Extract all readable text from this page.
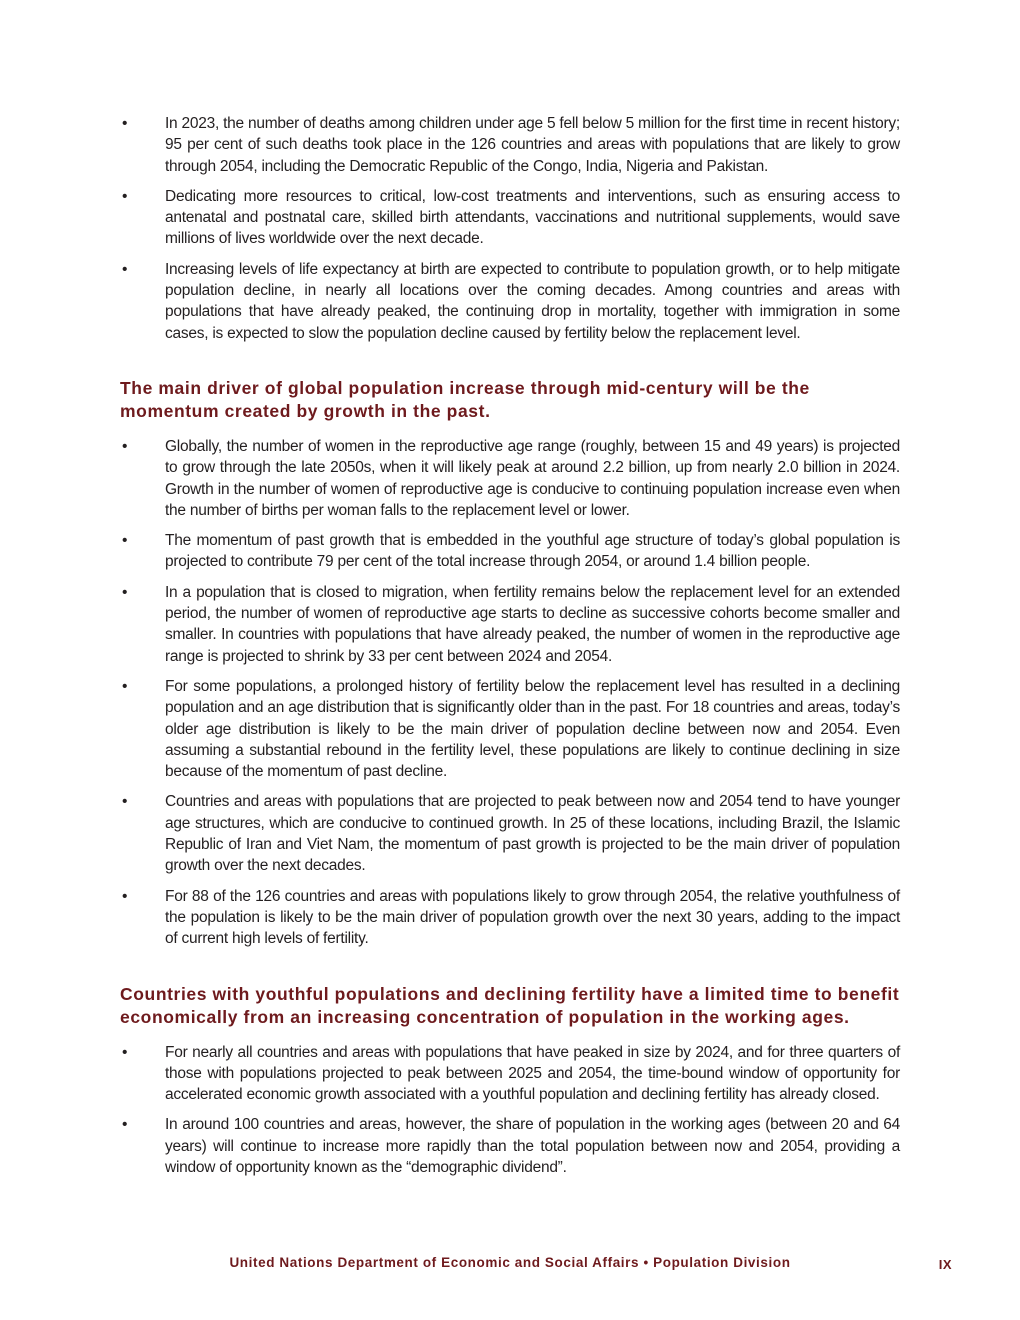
•	In 2023, the number of deaths among children under age 5 fell below 5 million for the first time in recent history; 95 per cent of such deaths took place in the 126 countries and areas with populations that are likely to grow through 2054, including the Democratic Republic of the Congo, India, Nigeria and Pakistan.

•	Dedicating more resources to critical, low-cost treatments and interventions, such as ensuring access to antenatal and postnatal care, skilled birth attendants, vaccinations and nutritional supplements, would save millions of lives worldwide over the next decade.

•	Increasing levels of life expectancy at birth are expected to contribute to population growth, or to help mitigate population decline, in nearly all locations over the coming decades. Among countries and areas with populations that have already peaked, the continuing drop in mortality, together with immigration in some cases, is expected to slow the population decline caused by fertility below the replacement level.

The main driver of global population increase through mid-century will be the momentum created by growth in the past.
•	Globally, the number of women in the reproductive age range (roughly, between 15 and 49 years) is projected to grow through the late 2050s, when it will likely peak at around 2.2 billion, up from nearly 2.0 billion in 2024. Growth in the number of women of reproductive age is conducive to continuing population increase even when the number of births per woman falls to the replacement level or lower.

•	The momentum of past growth that is embedded in the youthful age structure of today’s global population is projected to contribute 79 per cent of the total increase through 2054, or around 1.4 billion people.

•	In a population that is closed to migration, when fertility remains below the replacement level for an extended period, the number of women of reproductive age starts to decline as successive cohorts become smaller and smaller. In countries with populations that have already peaked, the number of women in the reproductive age range is projected to shrink by 33 per cent between 2024 and 2054.

•	For some populations, a prolonged history of fertility below the replacement level has resulted in a declining population and an age distribution that is significantly older than in the past. For 18 countries and areas, today’s older age distribution is likely to be the main driver of population decline between now and 2054. Even assuming a substantial rebound in the fertility level, these populations are likely to continue declining in size because of the momentum of past decline.

•	Countries and areas with populations that are projected to peak between now and 2054 tend to have younger age structures, which are conducive to continued growth. In 25 of these locations, including Brazil, the Islamic Republic of Iran and Viet Nam, the momentum of past growth is projected to be the main driver of population growth over the next decades.

•	For 88 of the 126 countries and areas with populations likely to grow through 2054, the relative youthfulness of the population is likely to be the main driver of population growth over the next 30 years, adding to the impact of current high levels of fertility.

Countries with youthful populations and declining fertility have a limited time to benefit economically from an increasing concentration of population in the working ages.
•	For nearly all countries and areas with populations that have peaked in size by 2024, and for three quarters of those with populations projected to peak between 2025 and 2054, the time-bound window of opportunity for accelerated economic growth associated with a youthful population and declining fertility has already closed.

•	In around 100 countries and areas, however, the share of population in the working ages (between 20 and 64 years) will continue to increase more rapidly than the total population between now and 2054, providing a window of opportunity known as the “demographic dividend”.

United Nations Department of Economic and Social Affairs • Population Division	IX
